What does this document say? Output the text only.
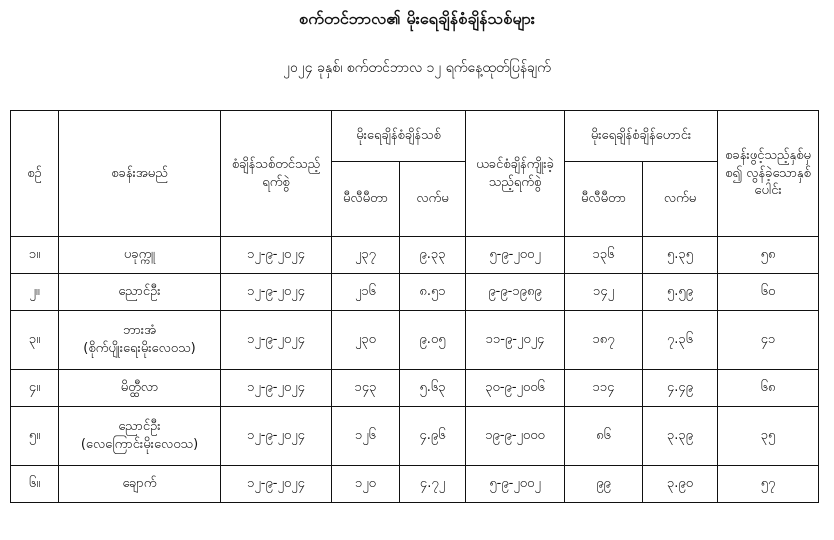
စက်တင်ဘာလ၏ မိုးရေချိန်စံချိန်သစ်များ
၂၀၂၄ ခုနှစ်၊ စက်တင်ဘာလ ၁၂ ရက်နေ့ထုတ်ပြန်ချက်
စဉ်	စခန်းအမည်	စံချိန်သစ်တင်သည့်ရက်စွဲ	မိုးရေချိန်စံချိန်သစ်		ယခင်စံချိန်ကျိုးခဲ့သည့်ရက်စွဲ	မိုးရေချိန်စံချိန်ဟောင်း		စခန်းဖွင့်သည့်နှစ်မှစ၍ လွန်ခဲ့သောနှစ်ပေါင်း
			မီလီမီတာ	လက်မ		မီလီမီတာ	လက်မ	
၁။	ပခုက္ကူ	၁၂-၉-၂၀၂၄	၂၃၇	၉.၃၃	၅-၉-၂၀၀၂	၁၃၆	၅.၃၅	၅၈
၂။	ညောင်ဦး	၁၂-၉-၂၀၂၄	၂၁၆	၈.၅၁	၉-၉-၁၉၈၉	၁၄၂	၅.၅၉	၆၀
၃။	ဘားအံ
(စိုက်ပျိုးရေးမိုးလေဝသ)	၁၂-၉-၂၀၂၄	၂၃၀	၉.၀၅	၁၁-၉-၂၀၂၄	၁၈၇	၇.၃၆	၄၁
၄။	မိတ္ထီလာ	၁၂-၉-၂၀၂၄	၁၄၃	၅.၆၃	၃၀-၉-၂၀၀၆	၁၁၄	၄.၄၉	၆၈
၅။	ညောင်ဦး
(လေကြောင်းမိုးလေဝသ)	၁၂-၉-၂၀၂၄	၁၂၆	၄.၉၆	၁၉-၉-၂၀၀၀	၈၆	၃.၃၉	၃၅
၆။	ချောက်	၁၂-၉-၂၀၂၄	၁၂၀	၄.၇၂	၅-၉-၂၀၀၂	၉၉	၃.၉၀	၅၇
